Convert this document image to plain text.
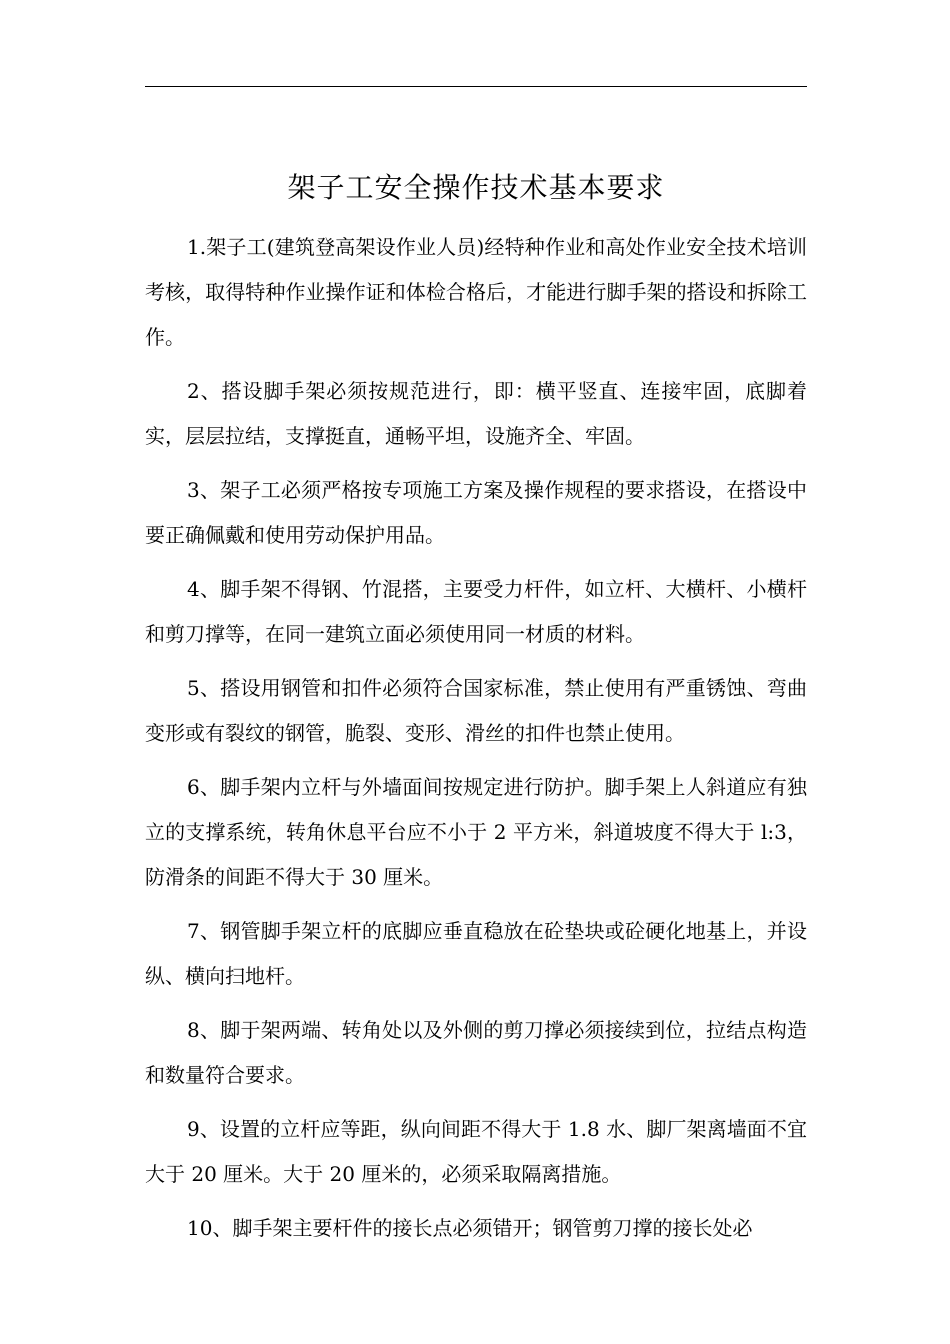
架子工安全操作技术基本要求

1.架子工(建筑登高架设作业人员)经特种作业和高处作业安全技术培训考核，取得特种作业操作证和体检合格后，才能进行脚手架的搭设和拆除工作。

2、搭设脚手架必须按规范进行，即：横平竖直、连接牢固，底脚着实，层层拉结，支撑挺直，通畅平坦，设施齐全、牢固。

3、架子工必须严格按专项施工方案及操作规程的要求搭设，在搭设中要正确佩戴和使用劳动保护用品。

4、脚手架不得钢、竹混搭，主要受力杆件，如立杆、大横杆、小横杆和剪刀撑等，在同一建筑立面必须使用同一材质的材料。

5、搭设用钢管和扣件必须符合国家标准，禁止使用有严重锈蚀、弯曲变形或有裂纹的钢管，脆裂、变形、滑丝的扣件也禁止使用。

6、脚手架内立杆与外墙面间按规定进行防护。脚手架上人斜道应有独立的支撑系统，转角休息平台应不小于 2 平方米，斜道坡度不得大于 l:3，防滑条的间距不得大于 30 厘米。

7、钢管脚手架立杆的底脚应垂直稳放在砼垫块或砼硬化地基上，并设纵、横向扫地杆。

8、脚于架两端、转角处以及外侧的剪刀撑必须接续到位，拉结点构造和数量符合要求。

9、设置的立杆应等距，纵向间距不得大于 1.8 水、脚厂架离墙面不宜大于 20 厘米。大于 20 厘米的，必须采取隔离措施。

10、脚手架主要杆件的接长点必须错开；钢管剪刀撑的接长处必
